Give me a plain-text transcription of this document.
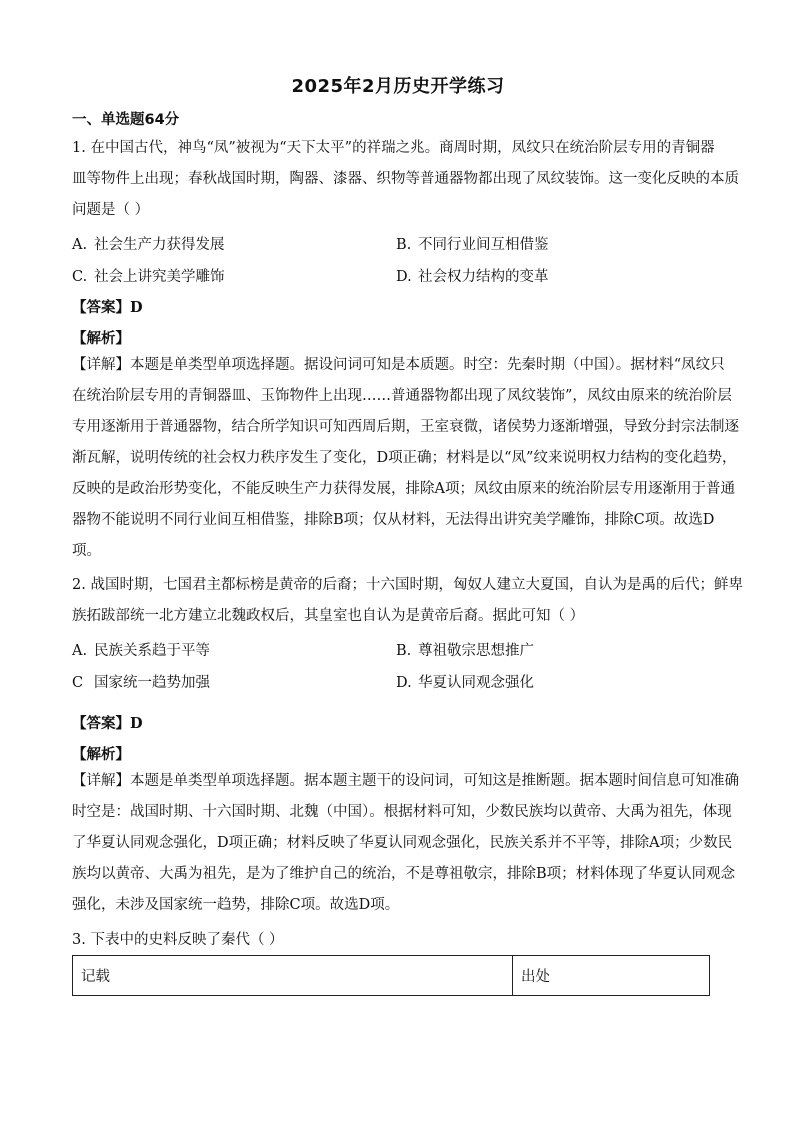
2025年2月历史开学练习
一、单选题64分
1. 在中国古代，神鸟“凤”被视为“天下太平”的祥瑞之兆。商周时期，凤纹只在统治阶层专用的青铜器
皿等物件上出现；春秋战国时期，陶器、漆器、织物等普通器物都出现了凤纹装饰。这一变化反映的本质
问题是（ ）
A. 社会生产力获得发展	B. 不同行业间互相借鉴
C. 社会上讲究美学雕饰	D. 社会权力结构的变革
【答案】D
【解析】
【详解】本题是单类型单项选择题。据设问词可知是本质题。时空：先秦时期（中国）。据材料“凤纹只
在统治阶层专用的青铜器皿、玉饰物件上出现……普通器物都出现了凤纹装饰”，凤纹由原来的统治阶层
专用逐渐用于普通器物，结合所学知识可知西周后期，王室衰微，诸侯势力逐渐增强，导致分封宗法制逐
渐瓦解，说明传统的社会权力秩序发生了变化，D项正确；材料是以“凤”纹来说明权力结构的变化趋势，
反映的是政治形势变化，不能反映生产力获得发展，排除A项；凤纹由原来的统治阶层专用逐渐用于普通
器物不能说明不同行业间互相借鉴，排除B项；仅从材料，无法得出讲究美学雕饰，排除C项。故选D
项。
2. 战国时期，七国君主都标榜是黄帝的后裔；十六国时期，匈奴人建立大夏国，自认为是禹的后代；鲜卑
族拓跋部统一北方建立北魏政权后，其皇室也自认为是黄帝后裔。据此可知（ ）
A. 民族关系趋于平等	B. 尊祖敬宗思想推广
C 国家统一趋势加强	D. 华夏认同观念强化
【答案】D
【解析】
【详解】本题是单类型单项选择题。据本题主题干的设问词，可知这是推断题。据本题时间信息可知准确
时空是：战国时期、十六国时期、北魏（中国）。根据材料可知，少数民族均以黄帝、大禹为祖先，体现
了华夏认同观念强化，D项正确；材料反映了华夏认同观念强化，民族关系并不平等，排除A项；少数民
族均以黄帝、大禹为祖先，是为了维护自己的统治，不是尊祖敬宗，排除B项；材料体现了华夏认同观念
强化，未涉及国家统一趋势，排除C项。故选D项。
3. 下表中的史料反映了秦代（ ）
记载	出处
